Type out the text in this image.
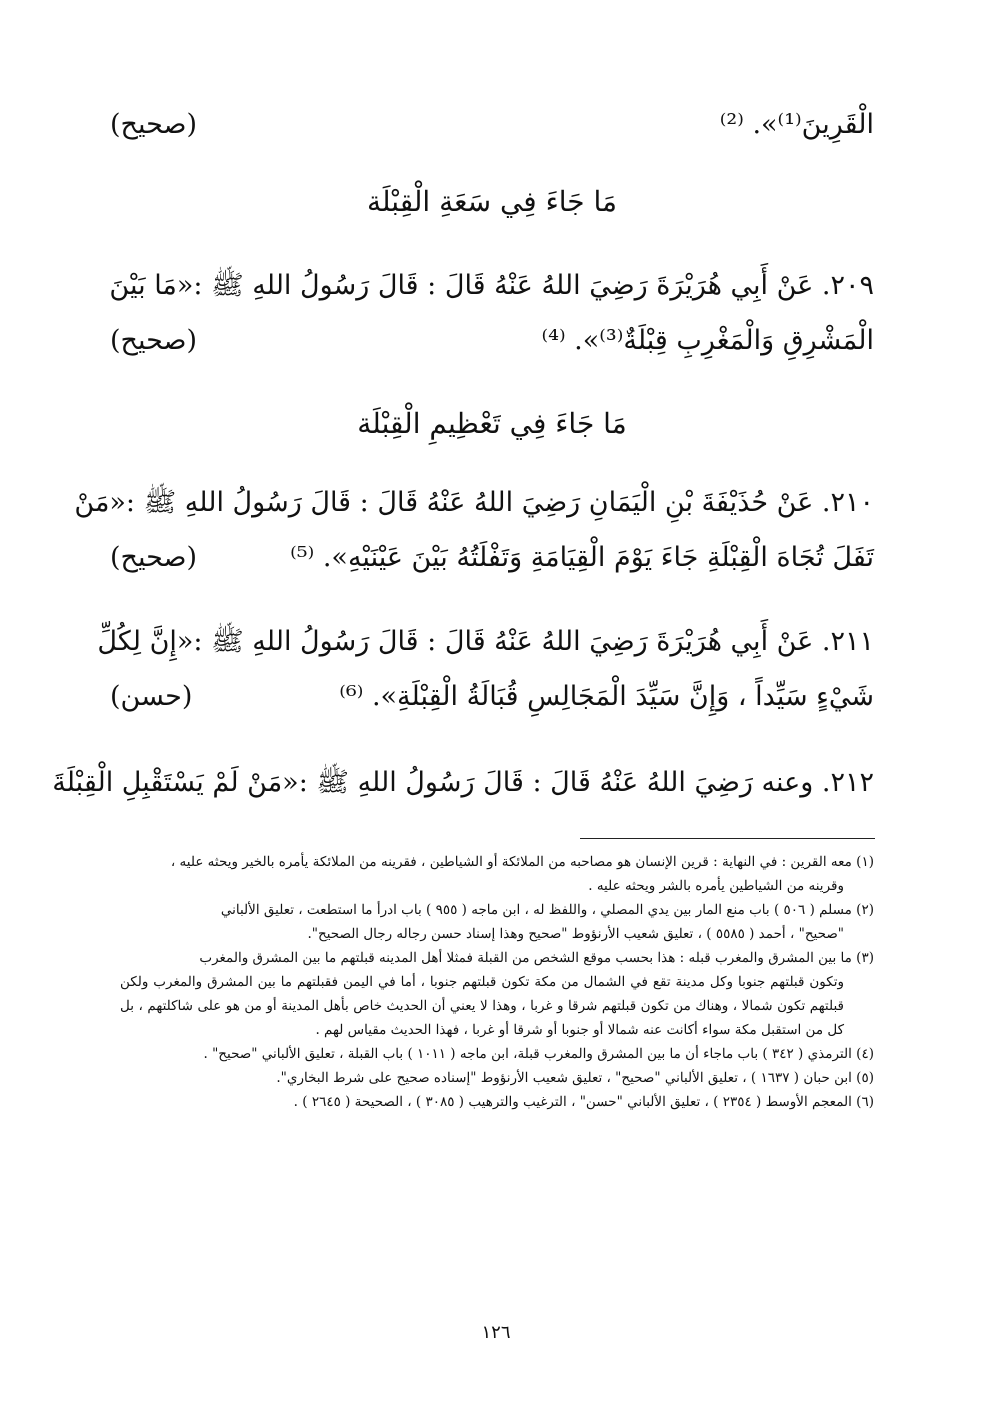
الْقَرِينَ⁽¹⁾». ⁽²⁾
(صحيح)
مَا جَاءَ فِي سَعَةِ الْقِبْلَة
٢٠٩. عَنْ أَبِي هُرَيْرَةَ رَضِيَ اللهُ عَنْهُ قَالَ : قَالَ رَسُولُ اللهِ ﷺ :«مَا بَيْنَ
الْمَشْرِقِ وَالْمَغْرِبِ قِبْلَةٌ⁽³⁾». ⁽⁴⁾
(صحيح)
مَا جَاءَ فِي تَعْظِيمِ الْقِبْلَة
٢١٠. عَنْ حُذَيْفَةَ بْنِ الْيَمَانِ رَضِيَ اللهُ عَنْهُ قَالَ : قَالَ رَسُولُ اللهِ ﷺ :«مَنْ
تَفَلَ تُجَاهَ الْقِبْلَةِ جَاءَ يَوْمَ الْقِيَامَةِ وَتَفْلَتُهُ بَيْنَ عَيْنَيْهِ». ⁽⁵⁾
(صحيح)
٢١١. عَنْ أَبِي هُرَيْرَةَ رَضِيَ اللهُ عَنْهُ قَالَ : قَالَ رَسُولُ اللهِ ﷺ :«إِنَّ لِكُلِّ
شَيْءٍ سَيِّداً ، وَإِنَّ سَيِّدَ الْمَجَالِسِ قُبَالَةُ الْقِبْلَةِ». ⁽⁶⁾
(حسن)
٢١٢. وعنه رَضِيَ اللهُ عَنْهُ قَالَ : قَالَ رَسُولُ اللهِ ﷺ :«مَنْ لَمْ يَسْتَقْبِلِ الْقِبْلَةَ
(١) معه القرين : في النهاية : قرين الإنسان هو مصاحبه من الملائكة أو الشياطين ، فقرينه من الملائكة يأمره بالخير ويحثه عليه ،
وقرينه من الشياطين يأمره بالشر ويحثه عليه .
(٢) مسلم ( ٥٠٦ ) باب منع المار بين يدي المصلي ، واللفظ له ، ابن ماجه ( ٩٥٥ ) باب ادرأ ما استطعت ، تعليق الألباني
"صحيح" ، أحمد ( ٥٥٨٥ ) ، تعليق شعيب الأرنؤوط "صحيح وهذا إسناد حسن رجاله رجال الصحيح".
(٣) ما بين المشرق والمغرب قبله : هذا بحسب موقع الشخص من القبلة فمثلا أهل المدينه قبلتهم ما بين المشرق والمغرب
وتكون قبلتهم جنوبا وكل مدينة تقع في الشمال من مكة تكون قبلتهم جنوبا ، أما في اليمن فقبلتهم ما بين المشرق والمغرب ولكن قبلتهم تكون شمالا ، وهناك من تكون قبلتهم شرقا و غربا ، وهذا لا يعني أن الحديث خاص بأهل المدينة أو من هو على شاكلتهم ، بل كل من استقبل مكة سواء أكانت عنه شمالا أو جنوبا أو شرقا أو غربا ، فهذا الحديث مقياس لهم .
(٤) الترمذي ( ٣٤٢ ) باب ماجاء أن ما بين المشرق والمغرب قبلة، ابن ماجه ( ١٠١١ ) باب القبلة ، تعليق الألباني "صحيح" .
(٥) ابن حبان ( ١٦٣٧ ) ، تعليق الألباني "صحيح" ، تعليق شعيب الأرنؤوط "إسناده صحيح على شرط البخاري".
(٦) المعجم الأوسط ( ٢٣٥٤ ) ، تعليق الألباني "حسن" ، الترغيب والترهيب ( ٣٠٨٥ ) ، الصحيحة ( ٢٦٤٥ ) .
١٢٦
